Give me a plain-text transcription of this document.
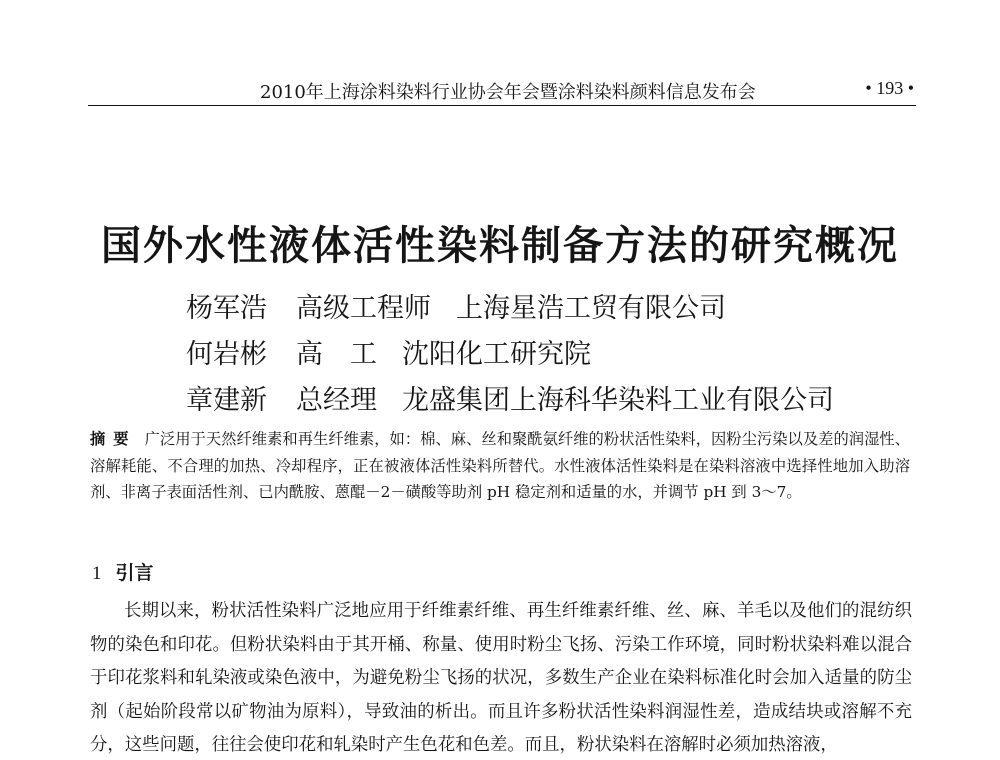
2010年上海涂料染料行业协会年会暨涂料染料颜料信息发布会	• 193 •
国外水性液体活性染料制备方法的研究概况
杨军浩 高级工程师 上海星浩工贸有限公司
何岩彬 高　工 沈阳化工研究院
章建新 总经理 龙盛集团上海科华染料工业有限公司
摘要 广泛用于天然纤维素和再生纤维素，如：棉、麻、丝和聚酰氨纤维的粉状活性染料，因粉尘污染以及差的润湿性、溶解耗能、不合理的加热、冷却程序，正在被液体活性染料所替代。水性液体活性染料是在染料溶液中选择性地加入助溶剂、非离子表面活性剂、已内酰胺、蒽醌－2－磺酸等助剂 pH 稳定剂和适量的水，并调节 pH 到 3～7。
1 引言
长期以来，粉状活性染料广泛地应用于纤维素纤维、再生纤维素纤维、丝、麻、羊毛以及他们的混纺织物的染色和印花。但粉状染料由于其开桶、称量、使用时粉尘飞扬、污染工作环境，同时粉状染料难以混合于印花浆料和轧染液或染色液中，为避免粉尘飞扬的状况，多数生产企业在染料标准化时会加入适量的防尘剂（起始阶段常以矿物油为原料），导致油的析出。而且许多粉状活性染料润湿性差，造成结块或溶解不充分，这些问题，往往会使印花和轧染时产生色花和色差。而且，粉状染料在溶解时必须加热溶液，
